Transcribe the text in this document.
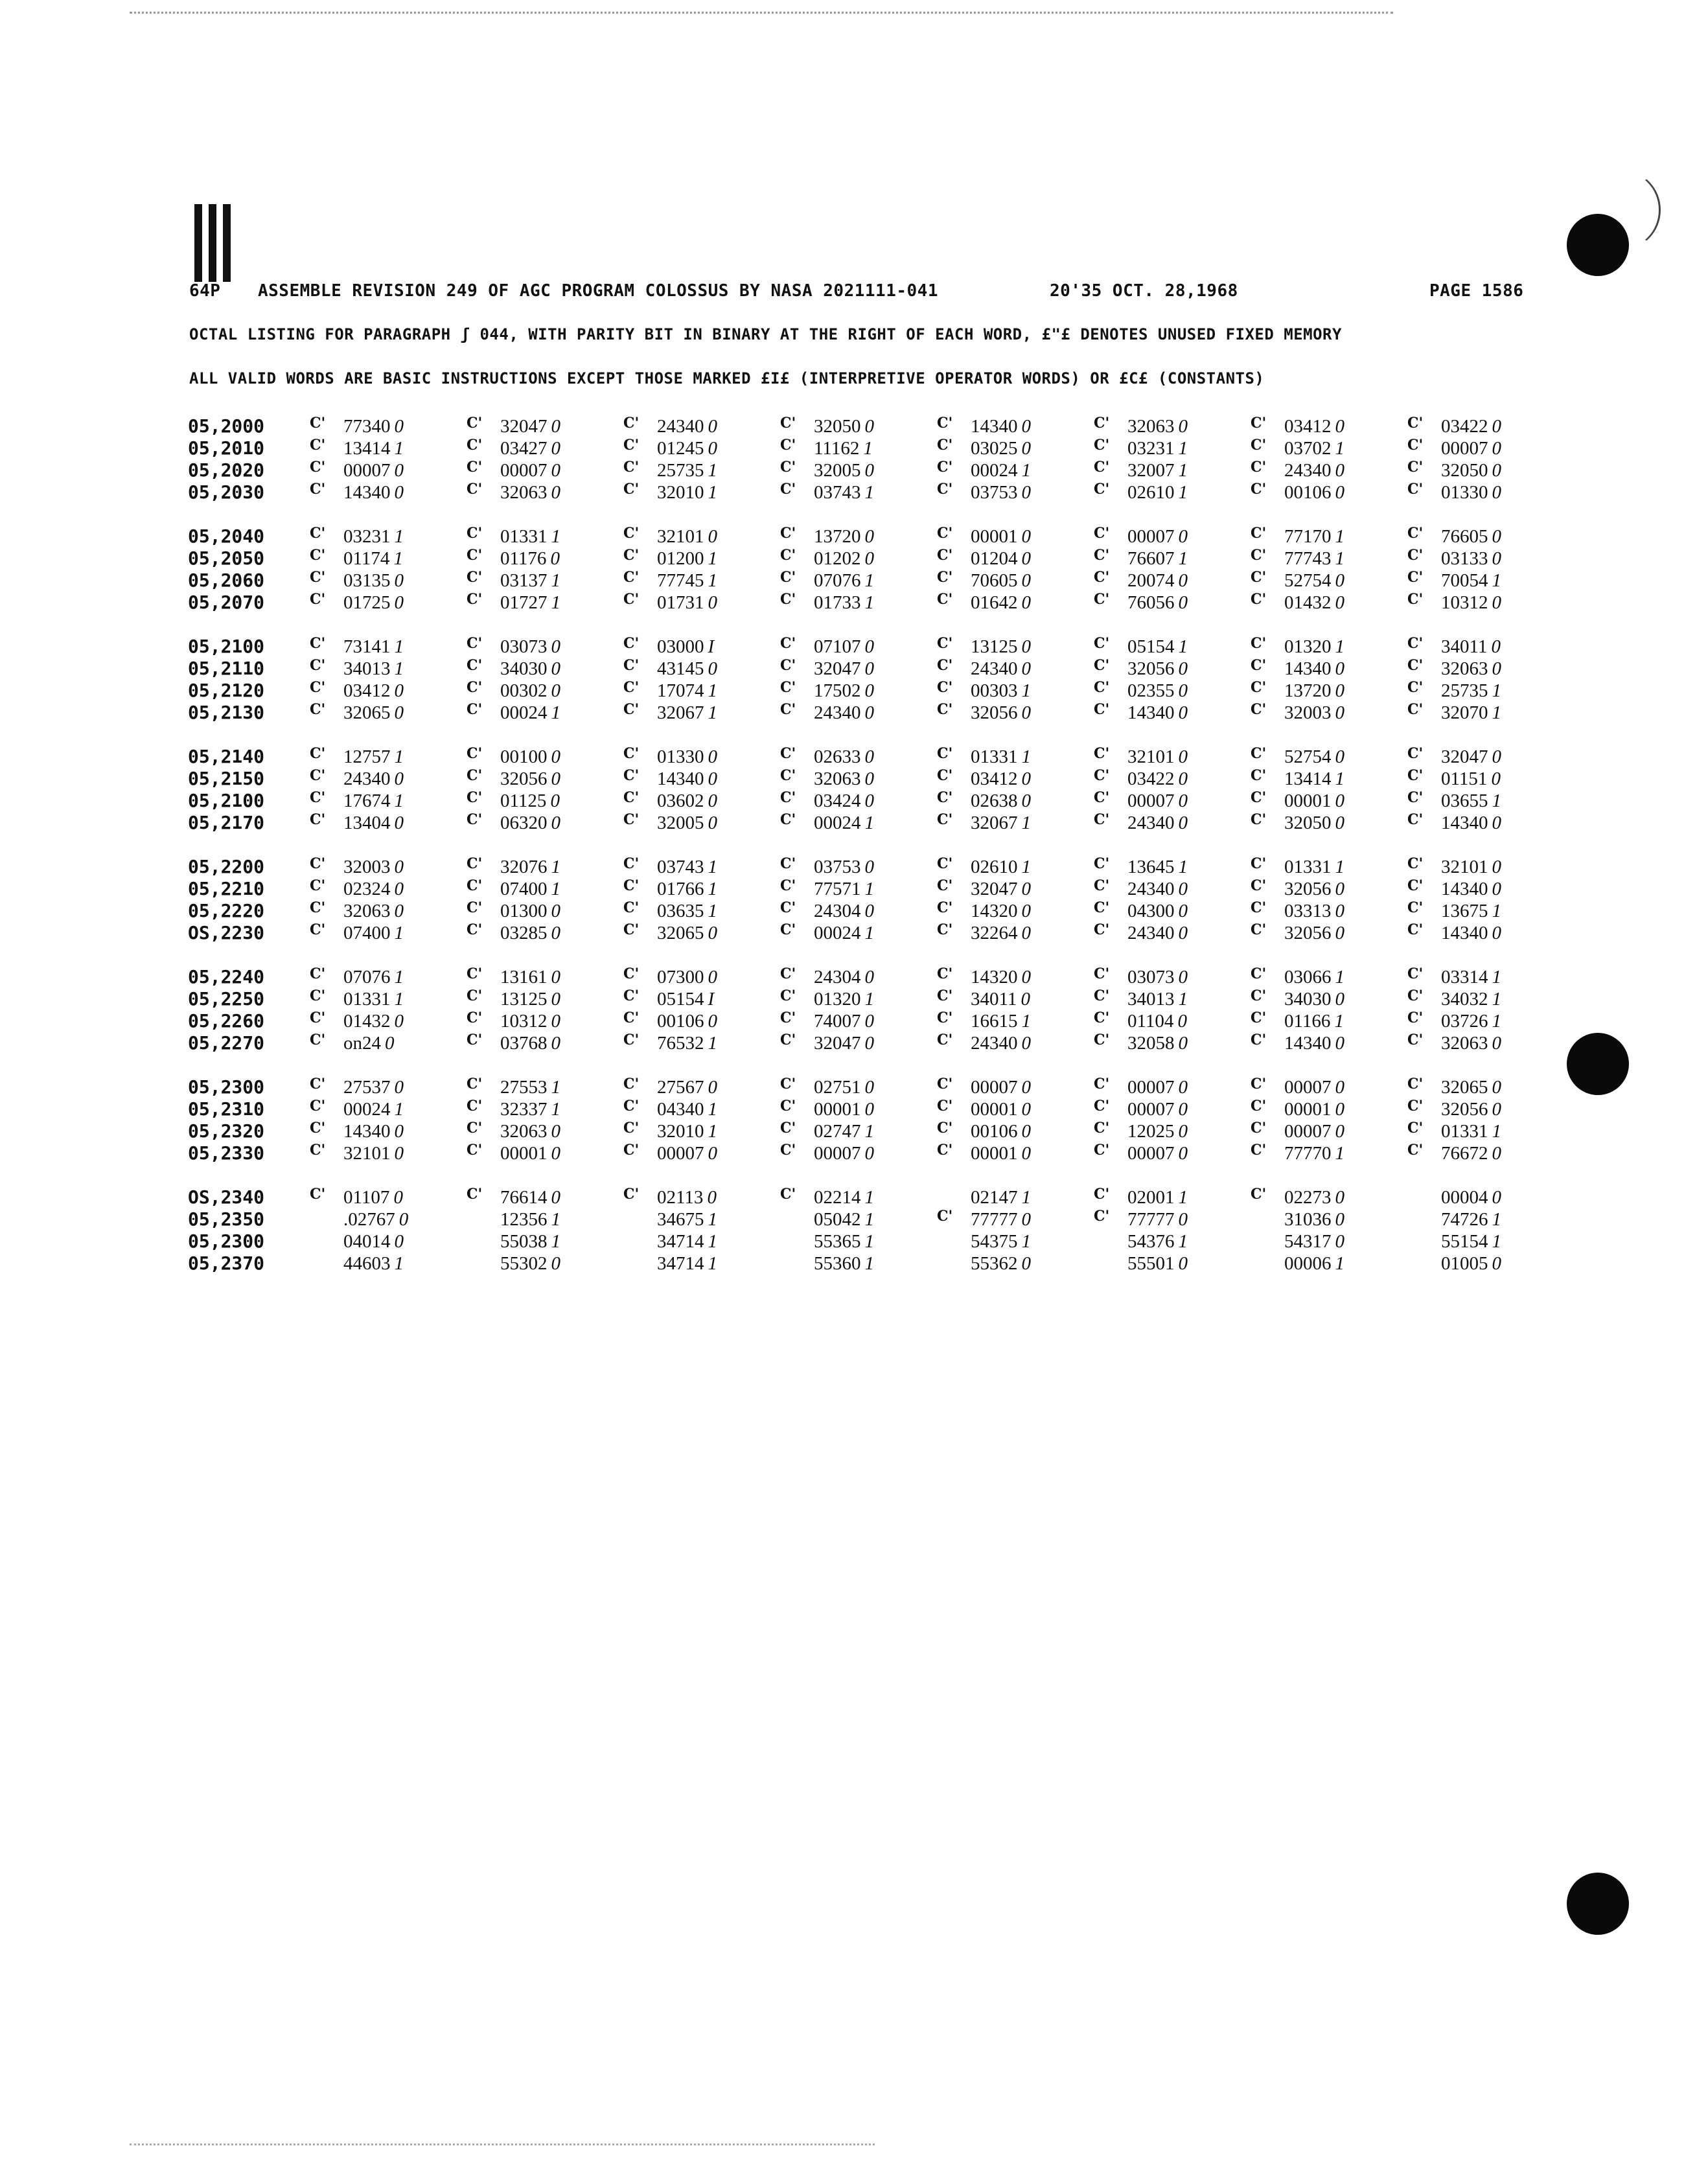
64P ASSEMBLE REVISION 249 OF AGC PROGRAM COLOSSUS BY NASA 2021111-041	20'35 OCT. 28,1968	PAGE 1586
OCTAL LISTING FOR PARAGRAPH ʃ 044, WITH PARITY BIT IN BINARY AT THE RIGHT OF EACH WORD, £"£ DENOTES UNUSED FIXED MEMORY
ALL VALID WORDS ARE BASIC INSTRUCTIONS EXCEPT THOSE MARKED £I£ (INTERPRETIVE OPERATOR WORDS) OR £C£ (CONSTANTS)
05,2000	C' 77340 0	C' 32047 0	C' 24340 0	C' 32050 0	C' 14340 0	C' 32063 0	C' 03412 0	C' 03422 0
05,2010	C' 13414 1	C' 03427 0	C' 01245 0	C' 11162 1	C' 03025 0	C' 03231 1	C' 03702 1	C' 00007 0
05,2020	C' 00007 0	C' 00007 0	C' 25735 1	C' 32005 0	C' 00024 1	C' 32007 1	C' 24340 0	C' 32050 0
05,2030	C' 14340 0	C' 32063 0	C' 32010 1	C' 03743 1	C' 03753 0	C' 02610 1	C' 00106 0	C' 01330 0

05,2040	C' 03231 1	C' 01331 1	C' 32101 0	C' 13720 0	C' 00001 0	C' 00007 0	C' 77170 1	C' 76605 0
05,2050	C' 01174 1	C' 01176 0	C' 01200 1	C' 01202 0	C' 01204 0	C' 76607 1	C' 77743 1	C' 03133 0
05,2060	C' 03135 0	C' 03137 1	C' 77745 1	C' 07076 1	C' 70605 0	C' 20074 0	C' 52754 0	C' 70054 1
05,2070	C' 01725 0	C' 01727 1	C' 01731 0	C' 01733 1	C' 01642 0	C' 76056 0	C' 01432 0	C' 10312 0

05,2100	C' 73141 1	C' 03073 0	C' 03000 I	C' 07107 0	C' 13125 0	C' 05154 1	C' 01320 1	C' 34011 0
05,2110	C' 34013 1	C' 34030 0	C' 43145 0	C' 32047 0	C' 24340 0	C' 32056 0	C' 14340 0	C' 32063 0
05,2120	C' 03412 0	C' 00302 0	C' 17074 1	C' 17502 0	C' 00303 1	C' 02355 0	C' 13720 0	C' 25735 1
05,2130	C' 32065 0	C' 00024 1	C' 32067 1	C' 24340 0	C' 32056 0	C' 14340 0	C' 32003 0	C' 32070 1

05,2140	C' 12757 1	C' 00100 0	C' 01330 0	C' 02633 0	C' 01331 1	C' 32101 0	C' 52754 0	C' 32047 0
05,2150	C' 24340 0	C' 32056 0	C' 14340 0	C' 32063 0	C' 03412 0	C' 03422 0	C' 13414 1	C' 01151 0
05,2100	C' 17674 1	C' 01125 0	C' 03602 0	C' 03424 0	C' 02638 0	C' 00007 0	C' 00001 0	C' 03655 1
05,2170	C' 13404 0	C' 06320 0	C' 32005 0	C' 00024 1	C' 32067 1	C' 24340 0	C' 32050 0	C' 14340 0

05,2200	C' 32003 0	C' 32076 1	C' 03743 1	C' 03753 0	C' 02610 1	C' 13645 1	C' 01331 1	C' 32101 0
05,2210	C' 02324 0	C' 07400 1	C' 01766 1	C' 77571 1	C' 32047 0	C' 24340 0	C' 32056 0	C' 14340 0
05,2220	C' 32063 0	C' 01300 0	C' 03635 1	C' 24304 0	C' 14320 0	C' 04300 0	C' 03313 0	C' 13675 1
OS,2230	C' 07400 1	C' 03285 0	C' 32065 0	C' 00024 1	C' 32264 0	C' 24340 0	C' 32056 0	C' 14340 0

05,2240	C' 07076 1	C' 13161 0	C' 07300 0	C' 24304 0	C' 14320 0	C' 03073 0	C' 03066 1	C' 03314 1
05,2250	C' 01331 1	C' 13125 0	C' 05154 I	C' 01320 1	C' 34011 0	C' 34013 1	C' 34030 0	C' 34032 1
05,2260	C' 01432 0	C' 10312 0	C' 00106 0	C' 74007 0	C' 16615 1	C' 01104 0	C' 01166 1	C' 03726 1
05,2270	C' on24 0	C' 03768 0	C' 76532 1	C' 32047 0	C' 24340 0	C' 32058 0	C' 14340 0	C' 32063 0

05,2300	C' 27537 0	C' 27553 1	C' 27567 0	C' 02751 0	C' 00007 0	C' 00007 0	C' 00007 0	C' 32065 0
05,2310	C' 00024 1	C' 32337 1	C' 04340 1	C' 00001 0	C' 00001 0	C' 00007 0	C' 00001 0	C' 32056 0
05,2320	C' 14340 0	C' 32063 0	C' 32010 1	C' 02747 1	C' 00106 0	C' 12025 0	C' 00007 0	C' 01331 1
05,2330	C' 32101 0	C' 00001 0	C' 00007 0	C' 00007 0	C' 00001 0	C' 00007 0	C' 77770 1	C' 76672 0

OS,2340	C' 01107 0	C' 76614 0	C' 02113 0	C' 02214 1	02147 1	C' 02001 1	C' 02273 0	00004 0
05,2350	.02767 0	12356 1	34675 1	05042 1	C' 77777 0	C' 77777 0	31036 0	74726 1
05,2300	04014 0	55038 1	34714 1	55365 1	54375 1	54376 1	54317 0	55154 1
05,2370	44603 1	55302 0	34714 1	55360 1	55362 0	55501 0	00006 1	01005 0
